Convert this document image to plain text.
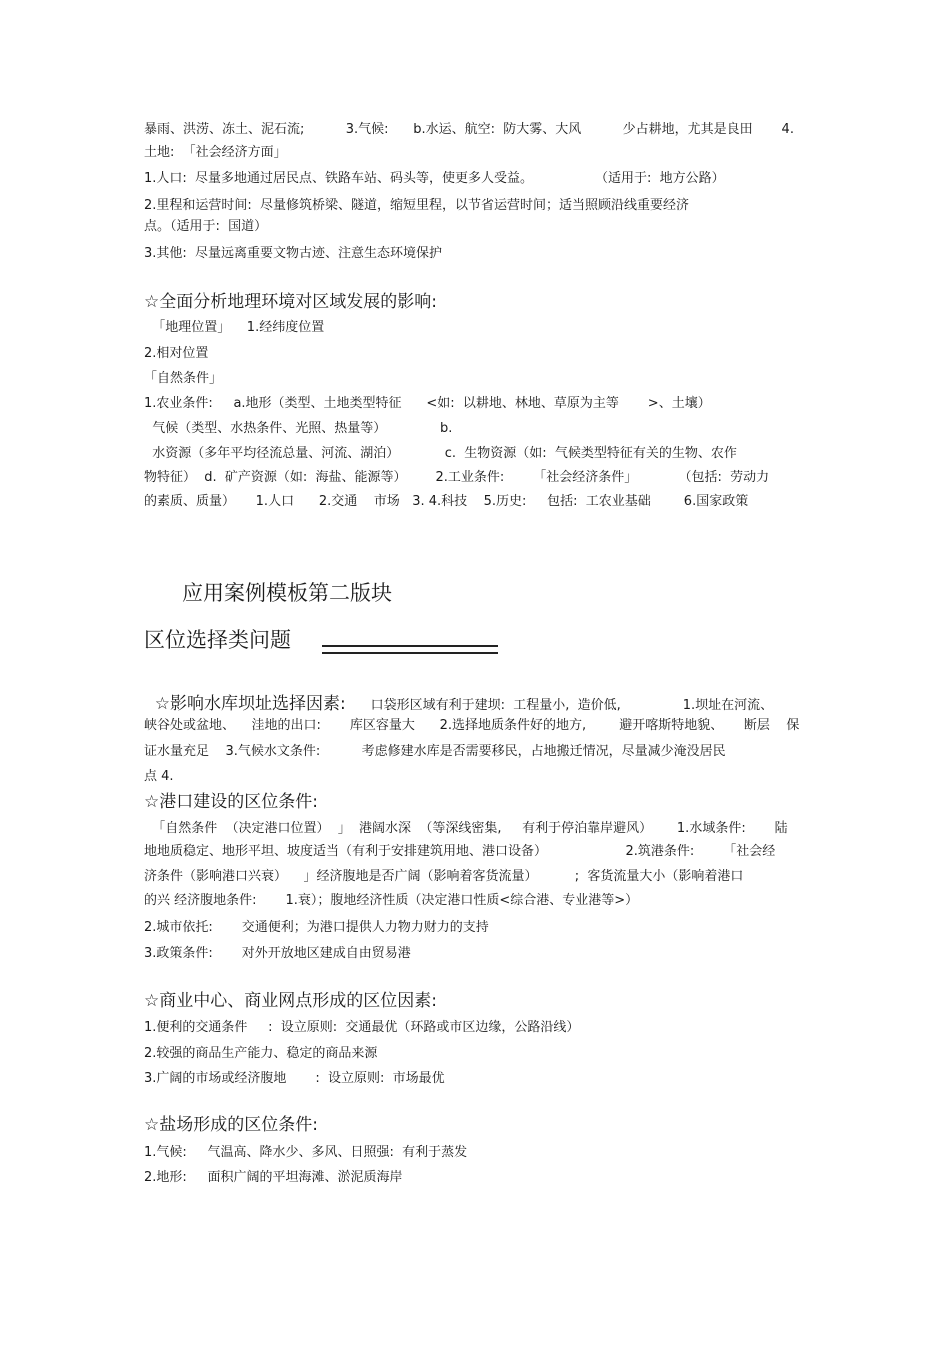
暴雨、洪涝、冻土、泥石流;          3.气候:      b.水运、航空:  防大雾、大风          少占耕地，尤其是良田       4.
土地:  「社会经济方面」
1.人口:  尽量多地通过居民点、铁路车站、码头等，使更多人受益。               （适用于:  地方公路）
2.里程和运营时间:  尽量修筑桥梁、隧道，缩短里程，以节省运营时间；适当照顾沿线重要经济
点。（适用于:  国道）
3.其他:  尽量远离重要文物古迹、注意生态环境保护
☆全面分析地理环境对区域发展的影响:
「地理位置」    1.经纬度位置
2.相对位置
「自然条件」
1.农业条件:     a.地形（类型、土地类型特征      <如:  以耕地、林地、草原为主等       >、土壤）
气候（类型、水热条件、光照、热量等）             b.
水资源（多年平均径流总量、河流、湖泊）           c.  生物资源（如:  气候类型特征有关的生物、农作
物特征）  d.  矿产资源（如:  海盐、能源等）       2.工业条件:       「社会经济条件」          （包括:  劳动力
的素质、质量）     1.人口      2.交通    市场   3. 4.科技    5.历史:     包括:  工农业基础        6.国家政策
应用案例模板第二版块
区位选择类问题
☆影响水库坝址选择因素:      口袋形区域有利于建坝:  工程量小,  造价低,               1.坝址在河流、
峡谷处或盆地、    洼地的出口:       库区容量大      2.选择地质条件好的地方,        避开喀斯特地貌、     断层    保
证水量充足    3.气候水文条件:          考虑修建水库是否需要移民，占地搬迁情况，尽量减少淹没居民
点 4.
☆港口建设的区位条件:
「自然条件  （决定港口位置）  」  港阔水深  （等深线密集,     有利于停泊靠岸避风）      1.水域条件:       陆
地地质稳定、地形平坦、坡度适当（有利于安排建筑用地、港口设备）                   2.筑港条件:       「社会经
济条件（影响港口兴衰）    」经济腹地是否广阔（影响着客货流量）         ;  客货流量大小（影响着港口
的兴 经济腹地条件:       1.衰）；腹地经济性质（决定港口性质<综合港、专业港等>）
2.城市依托:       交通便利；为港口提供人力物力财力的支持
3.政策条件:       对外开放地区建成自由贸易港
☆商业中心、商业网点形成的区位因素:
1.便利的交通条件     :  设立原则:  交通最优（环路或市区边缘，公路沿线）
2.较强的商品生产能力、稳定的商品来源
3.广阔的市场或经济腹地       :  设立原则:  市场最优
☆盐场形成的区位条件:
1.气候:     气温高、降水少、多风、日照强:  有利于蒸发
2.地形:     面积广阔的平坦海滩、淤泥质海岸
